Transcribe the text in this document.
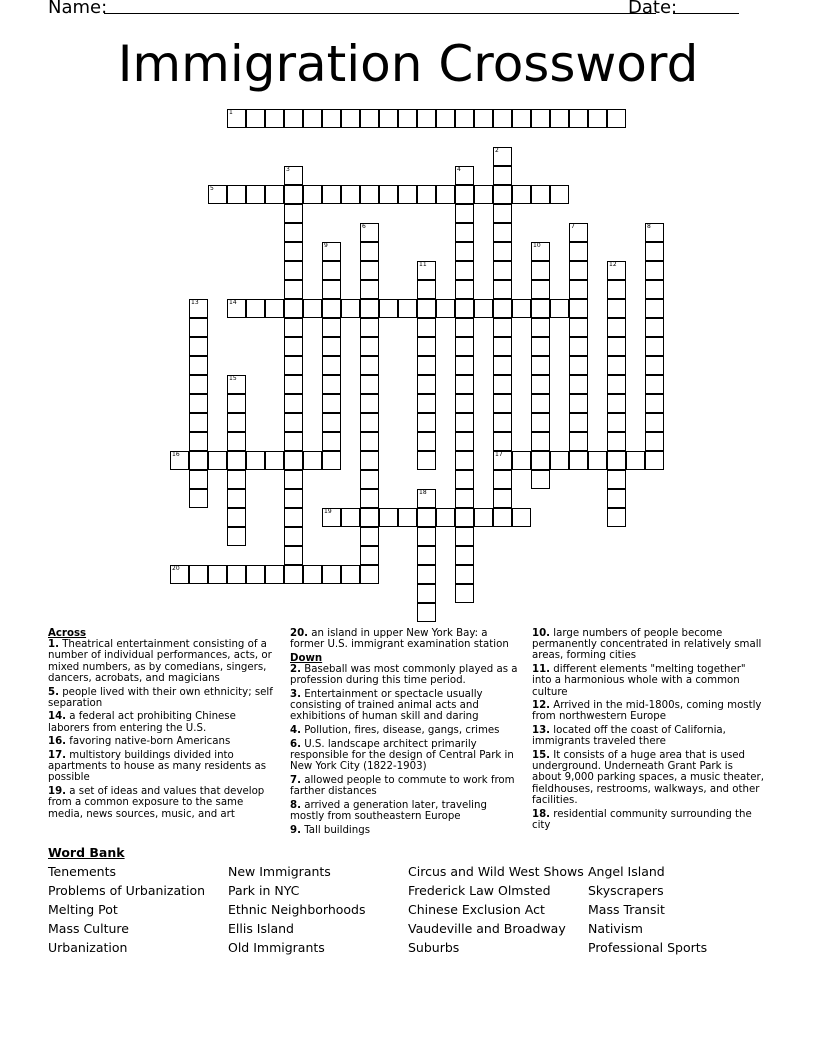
Name:	Date:
Immigration Crossword
1
5
14
16	17
19
20
2
3	4
6	7	8
9	10
11	12
13
15
18
Across
1. Theatrical entertainment consisting of a number of individual performances, acts, or mixed numbers, as by comedians, singers, dancers, acrobats, and magicians
5. people lived with their own ethnicity; self separation
14. a federal act prohibiting Chinese laborers from entering the U.S.
16. favoring native-born Americans
17. multistory buildings divided into apartments to house as many residents as possible
19. a set of ideas and values that develop from a common exposure to the same media, news sources, music, and art
20. an island in upper New York Bay: a former U.S. immigrant examination station
Down
2. Baseball was most commonly played as a profession during this time period.
3. Entertainment or spectacle usually consisting of trained animal acts and exhibitions of human skill and daring
4. Pollution, fires, disease, gangs, crimes
6. U.S. landscape architect primarily responsible for the design of Central Park in New York City (1822-1903)
7. allowed people to commute to work from farther distances
8. arrived a generation later, traveling mostly from southeastern Europe
9. Tall buildings
10. large numbers of people become permanently concentrated in relatively small areas, forming cities
11. different elements "melting together" into a harmonious whole with a common culture
12. Arrived in the mid-1800s, coming mostly from northwestern Europe
13. located off the coast of California, immigrants traveled there
15. It consists of a huge area that is used underground. Underneath Grant Park is about 9,000 parking spaces, a music theater, fieldhouses, restrooms, walkways, and other facilities.
18. residential community surrounding the city
Word Bank
Tenements
Problems of Urbanization
Melting Pot
Mass Culture
Urbanization
New Immigrants
Park in NYC
Ethnic Neighborhoods
Ellis Island
Old Immigrants
Circus and Wild West Shows
Frederick Law Olmsted
Chinese Exclusion Act
Vaudeville and Broadway
Suburbs
Angel Island
Skyscrapers
Mass Transit
Nativism
Professional Sports
